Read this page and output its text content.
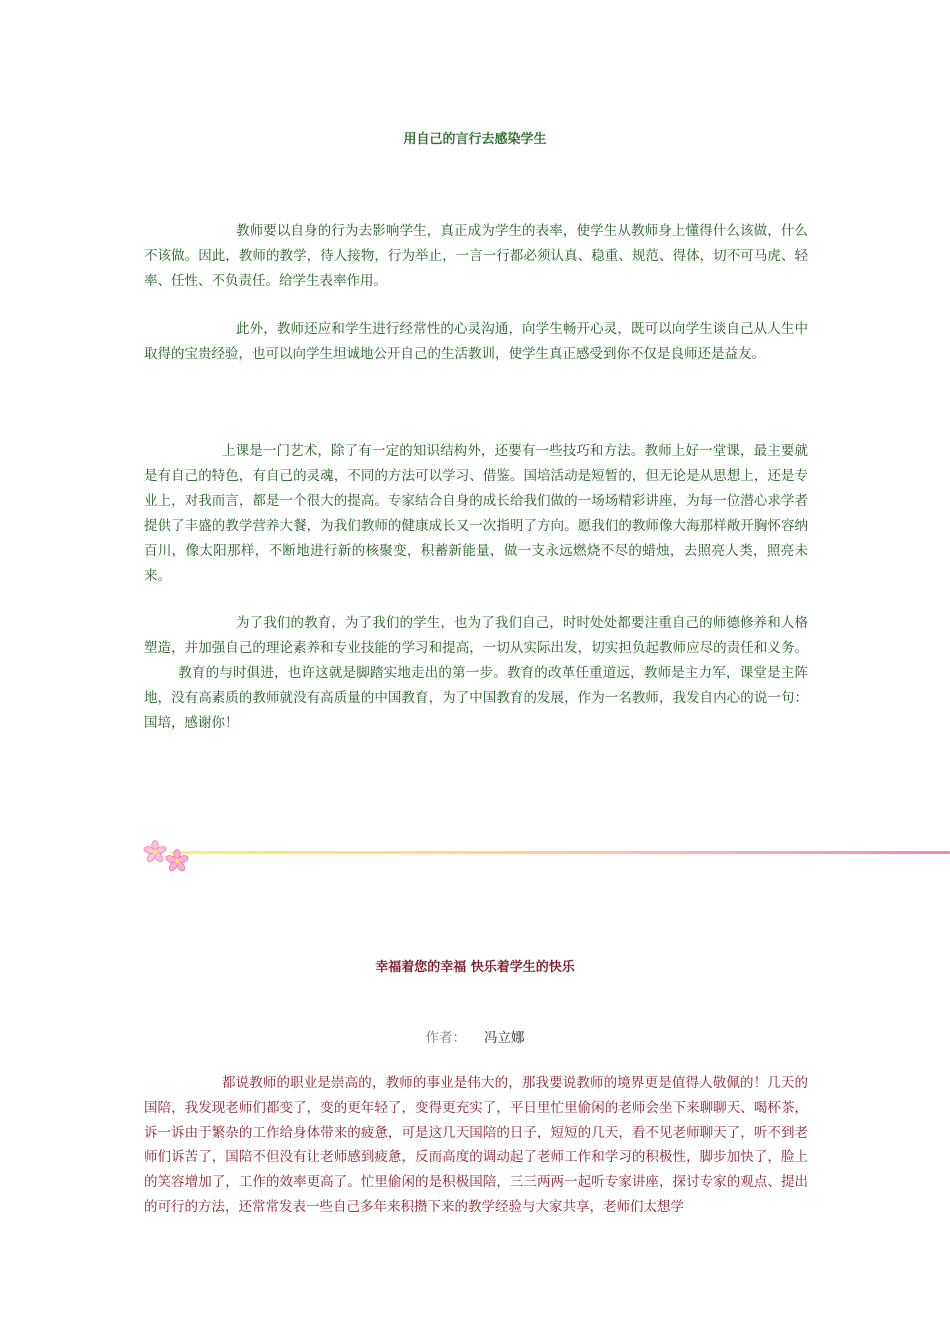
用自己的言行去感染学生

教师要以自身的行为去影响学生，真正成为学生的表率，使学生从教师身上懂得什么该做，什么不该做。因此，教师的教学，待人接物，行为举止，一言一行都必须认真、稳重、规范、得体，切不可马虎、轻率、任性、不负责任。给学生表率作用。

此外，教师还应和学生进行经常性的心灵沟通，向学生畅开心灵，既可以向学生谈自己从人生中取得的宝贵经验，也可以向学生坦诚地公开自己的生活教训，使学生真正感受到你不仅是良师还是益友。

上课是一门艺术，除了有一定的知识结构外，还要有一些技巧和方法。教师上好一堂课，最主要就是有自己的特色，有自己的灵魂，不同的方法可以学习、借鉴。国培活动是短暂的，但无论是从思想上，还是专业上，对我而言，都是一个很大的提高。专家结合自身的成长给我们做的一场场精彩讲座，为每一位潜心求学者提供了丰盛的教学营养大餐，为我们教师的健康成长又一次指明了方向。愿我们的教师像大海那样敞开胸怀容纳百川，像太阳那样，不断地进行新的核聚变，积蓄新能量，做一支永远燃烧不尽的蜡烛，去照亮人类，照亮未来。

为了我们的教育，为了我们的学生，也为了我们自己，时时处处都要注重自己的师德修养和人格塑造，并加强自己的理论素养和专业技能的学习和提高，一切从实际出发，切实担负起教师应尽的责任和义务。教育的与时俱进，也许这就是脚踏实地走出的第一步。教育的改革任重道远，教师是主力军，课堂是主阵地，没有高素质的教师就没有高质量的中国教育，为了中国教育的发展，作为一名教师，我发自内心的说一句：国培，感谢你！

幸福着您的幸福 快乐着学生的快乐
作者： 冯立娜

都说教师的职业是崇高的，教师的事业是伟大的，那我要说教师的境界更是值得人敬佩的！几天的国陪，我发现老师们都变了，变的更年轻了，变得更充实了，平日里忙里偷闲的老师会坐下来聊聊天、喝杯茶，诉一诉由于繁杂的工作给身体带来的疲惫，可是这几天国陪的日子，短短的几天，看不见老师聊天了，听不到老师们诉苦了，国陪不但没有让老师感到疲惫，反而高度的调动起了老师工作和学习的积极性，脚步加快了，脸上的笑容增加了，工作的效率更高了。忙里偷闲的是积极国陪，三三两两一起听专家讲座，探讨专家的观点、提出的可行的方法，还常常发表一些自己多年来积攒下来的教学经验与大家共享，老师们太想学
